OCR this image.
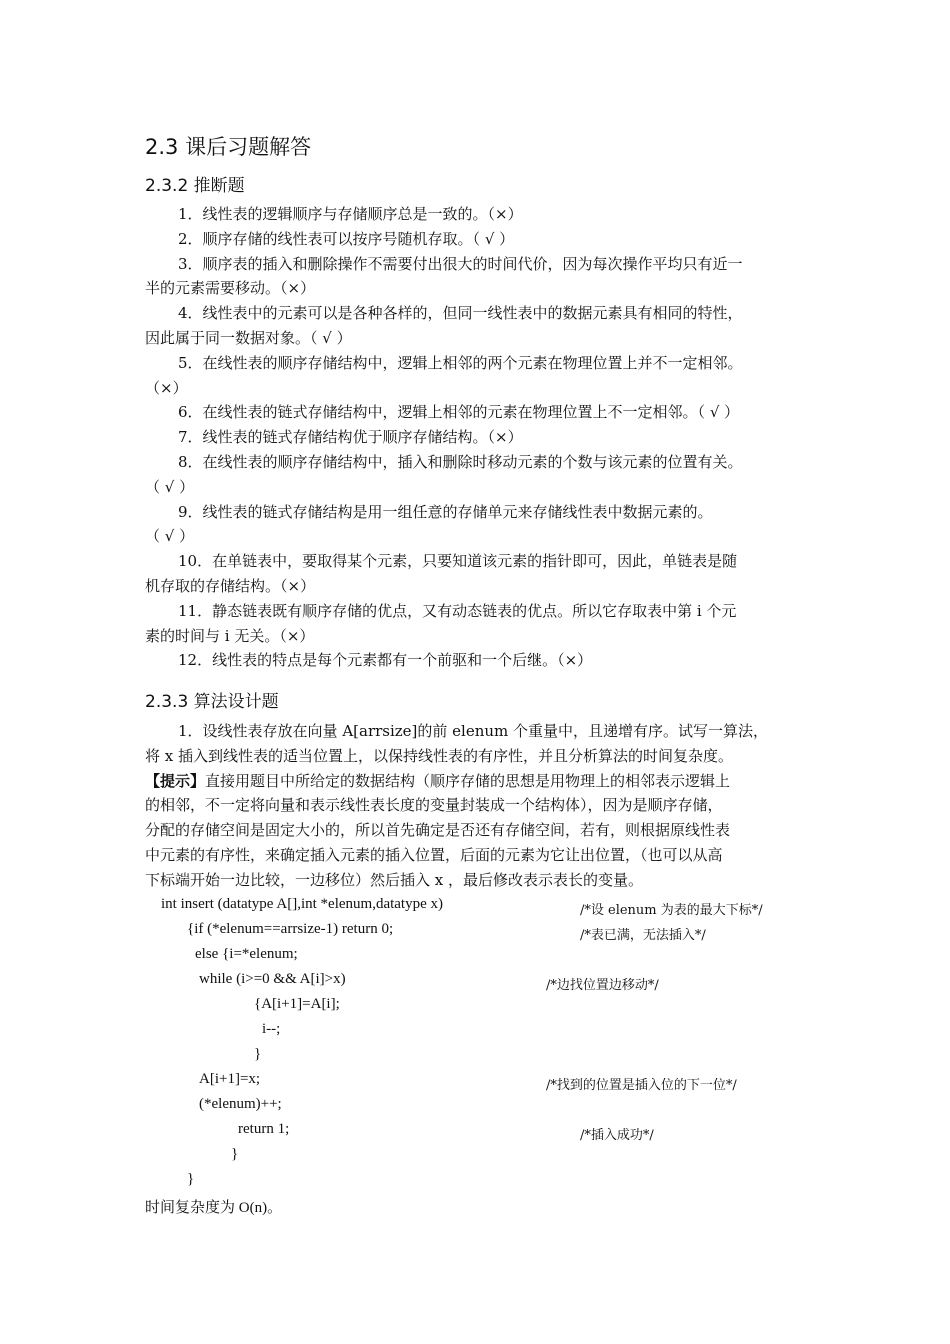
2.3 课后习题解答
2.3.2 推断题
1．线性表的逻辑顺序与存储顺序总是一致的。（×）
2．顺序存储的线性表可以按序号随机存取。（ √ ）
3．顺序表的插入和删除操作不需要付出很大的时间代价，因为每次操作平均只有近一
半的元素需要移动。（×）
4．线性表中的元素可以是各种各样的，但同一线性表中的数据元素具有相同的特性，
因此属于同一数据对象。（ √ ）
5．在线性表的顺序存储结构中，逻辑上相邻的两个元素在物理位置上并不一定相邻。
（×）
6．在线性表的链式存储结构中，逻辑上相邻的元素在物理位置上不一定相邻。（ √ ）
7．线性表的链式存储结构优于顺序存储结构。（×）
8．在线性表的顺序存储结构中，插入和删除时移动元素的个数与该元素的位置有关。
（ √ ）
9．线性表的链式存储结构是用一组任意的存储单元来存储线性表中数据元素的。
（ √ ）
10．在单链表中，要取得某个元素，只要知道该元素的指针即可，因此，单链表是随
机存取的存储结构。（×）
11．静态链表既有顺序存储的优点，又有动态链表的优点。所以它存取表中第 i 个元
素的时间与 i 无关。（×）
12．线性表的特点是每个元素都有一个前驱和一个后继。（×）
2.3.3 算法设计题
1．设线性表存放在向量 A[arrsize]的前 elenum 个重量中，且递增有序。试写一算法，
将 x 插入到线性表的适当位置上，以保持线性表的有序性，并且分析算法的时间复杂度。
【提示】直接用题目中所给定的数据结构（顺序存储的思想是用物理上的相邻表示逻辑上
的相邻，不一定将向量和表示线性表长度的变量封装成一个结构体），因为是顺序存储，
分配的存储空间是固定大小的，所以首先确定是否还有存储空间，若有，则根据原线性表
中元素的有序性，来确定插入元素的插入位置，后面的元素为它让出位置，（也可以从高
下标端开始一边比较，一边移位）然后插入 x ，最后修改表示表长的变量。
int insert (datatype A[],int *elenum,datatype x)
{if (*elenum==arrsize-1) return 0;
else {i=*elenum;
while (i>=0 && A[i]>x)
{A[i+1]=A[i];
i--;
}
A[i+1]=x;
(*elenum)++;
return 1;
}
}
/*设 elenum 为表的最大下标*/
/*表已满，无法插入*/
/*边找位置边移动*/
/*找到的位置是插入位的下一位*/
/*插入成功*/
时间复杂度为 O(n)。
